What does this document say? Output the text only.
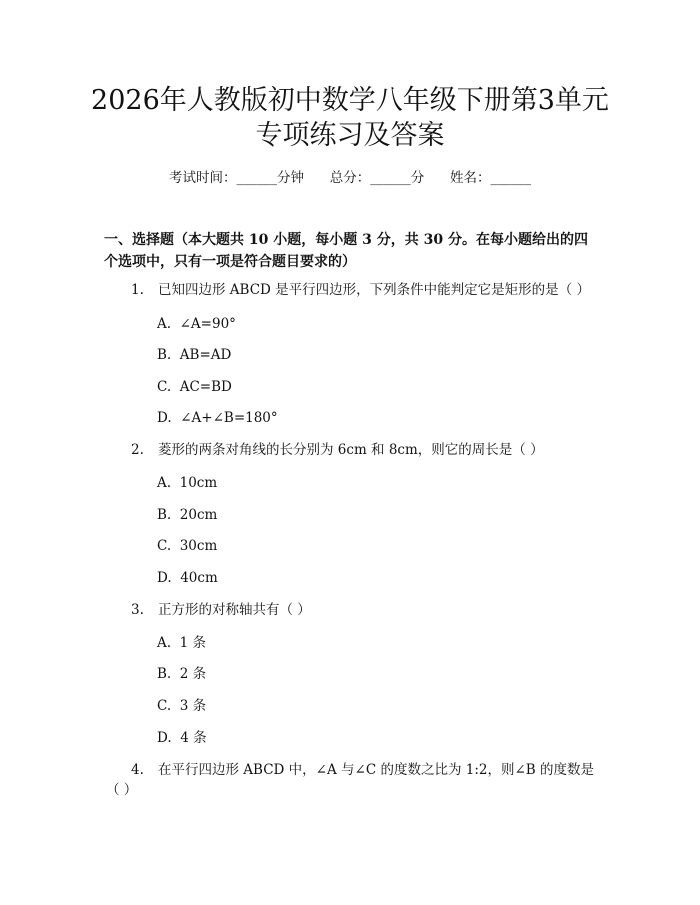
2026年人教版初中数学八年级下册第3单元
专项练习及答案
考试时间：______分钟      总分：______分      姓名：______
一、选择题（本大题共 10 小题，每小题 3 分，共 30 分。在每小题给出的四个选项中，只有一项是符合题目要求的）
1. 已知四边形 ABCD 是平行四边形，下列条件中能判定它是矩形的是（ ）
A.  ∠A=90°
B.  AB=AD
C.  AC=BD
D.  ∠A+∠B=180°
2. 菱形的两条对角线的长分别为 6cm 和 8cm，则它的周长是（ ）
A.  10cm
B.  20cm
C.  30cm
D.  40cm
3. 正方形的对称轴共有（ ）
A.  1 条
B.  2 条
C.  3 条
D.  4 条
4. 在平行四边形 ABCD 中，∠A 与∠C 的度数之比为 1:2，则∠B 的度数是
（ ）
